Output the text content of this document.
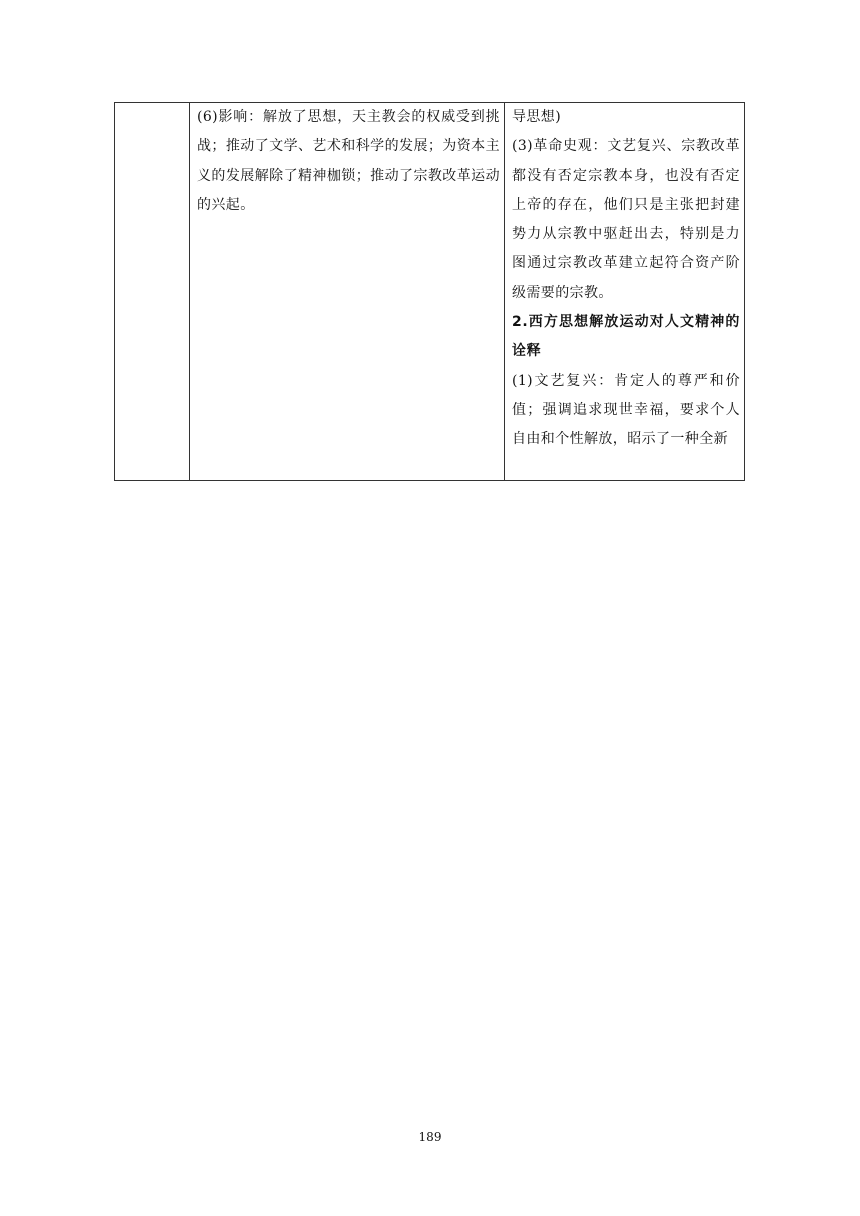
(6)影响：解放了思想，天主教会的权威受到挑战；推动了文学、艺术和科学的发展；为资本主义的发展解除了精神枷锁；推动了宗教改革运动的兴起。

导思想)

(3)革命史观：文艺复兴、宗教改革都没有否定宗教本身，也没有否定上帝的存在，他们只是主张把封建势力从宗教中驱赶出去，特别是力图通过宗教改革建立起符合资产阶级需要的宗教。

2.西方思想解放运动对人文精神的诠释

(1)文艺复兴：肯定人的尊严和价值；强调追求现世幸福，要求个人自由和个性解放，昭示了一种全新

189
